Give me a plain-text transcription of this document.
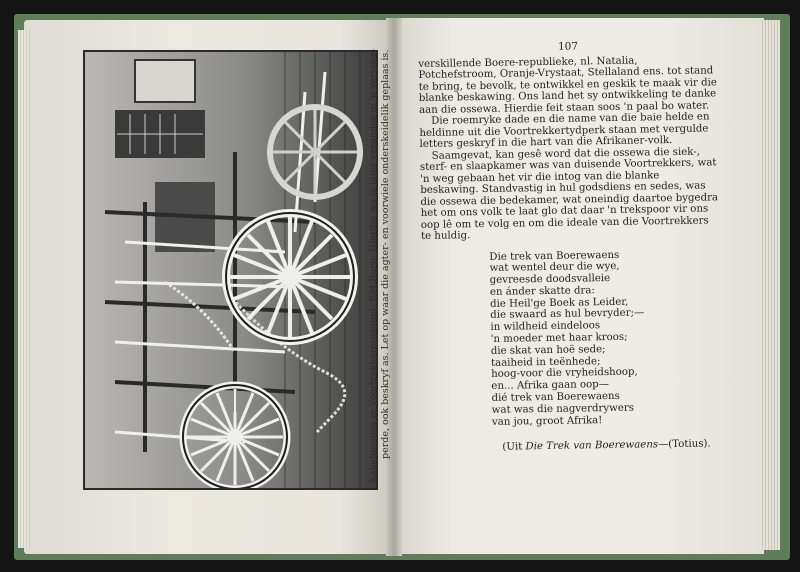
Kakebeenwa in Voortrekkermuseum, P.M.Burg. Hierdie wa is later verander in 'n vervoer- perde, ook beskryf as. Let op waar die agter- en voorwiele onderskeidelik geplaas is.
107

verskillende Boere-republieke, nl. Natalia, Potchefstroom, Oranje-Vrystaat, Stellaland ens. tot stand te bring, te bevolk, te ontwikkel en geskik te maak vir die blanke beskawing. Ons land het sy ontwikkeling te danke aan die ossewa. Hierdie feit staan soos 'n paal bo water.

Die roemryke dade en die name van die baie helde en heldinne uit die Voortrekkertydperk staan met vergulde letters geskryf in die hart van die Afrikaner-volk.

Saamgevat, kan gesê word dat die ossewa die siek-, sterf- en slaapkamer was van duisende Voortrekkers, wat 'n weg gebaan het vir die intog van die blanke beskawing. Standvastig in hul godsdiens en sedes, was die ossewa die bedekamer, wat oneindig daartoe bygedra het om ons volk te laat glo dat daar 'n trekspoor vir ons oop lê om te volg en om die ideale van die Voortrekkers te huldig.

Die trek van Boerewaens
wat wentel deur die wye,
gevreesde doodsvalleie
en ánder skatte dra:
die Heil'ge Boek as Leider,
die swaard as hul bevryder;—
in wildheid eindeloos
'n moeder met haar kroos;
die skat van hoë sede;
taaiheid in teënhede;
hoog-voor die vryheidshoop,
en... Afrika gaan oop—
dié trek van Boerewaens
wat was die nagverdrywers
van jou, groot Afrika!
(Uit Die Trek van Boerewaens—(Totius).
